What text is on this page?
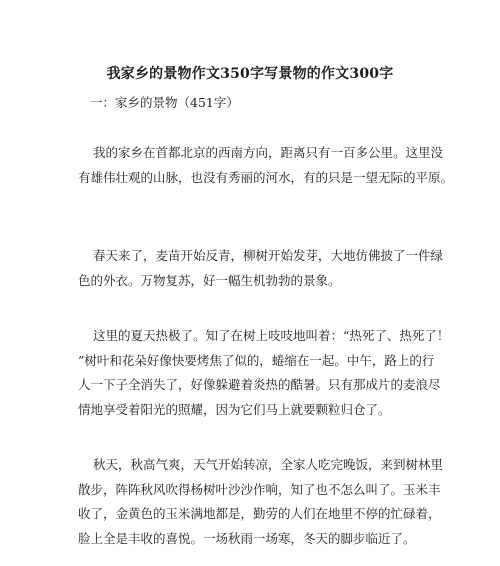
我家乡的景物作文350字写景物的作文300字
一：家乡的景物（451字）
我的家乡在首都北京的西南方向，距离只有一百多公里。这里没
有雄伟壮观的山脉，也没有秀丽的河水，有的只是一望无际的平原。
春天来了，麦苗开始反青，柳树开始发芽，大地仿佛披了一件绿
色的外衣。万物复苏，好一幅生机勃勃的景象。
这里的夏天热极了。知了在树上吱吱地叫着：“热死了、热死了！
”树叶和花朵好像快要烤焦了似的，蜷缩在一起。中午，路上的行
人一下子全消失了，好像躲避着炎热的酷暑。只有那成片的麦浪尽
情地享受着阳光的照耀，因为它们马上就要颗粒归仓了。
秋天，秋高气爽，天气开始转凉，全家人吃完晚饭，来到树林里
散步，阵阵秋风吹得杨树叶沙沙作响，知了也不怎么叫了。玉米丰
收了，金黄色的玉米满地都是，勤劳的人们在地里不停的忙碌着，
脸上全是丰收的喜悦。一场秋雨一场寒，冬天的脚步临近了。
